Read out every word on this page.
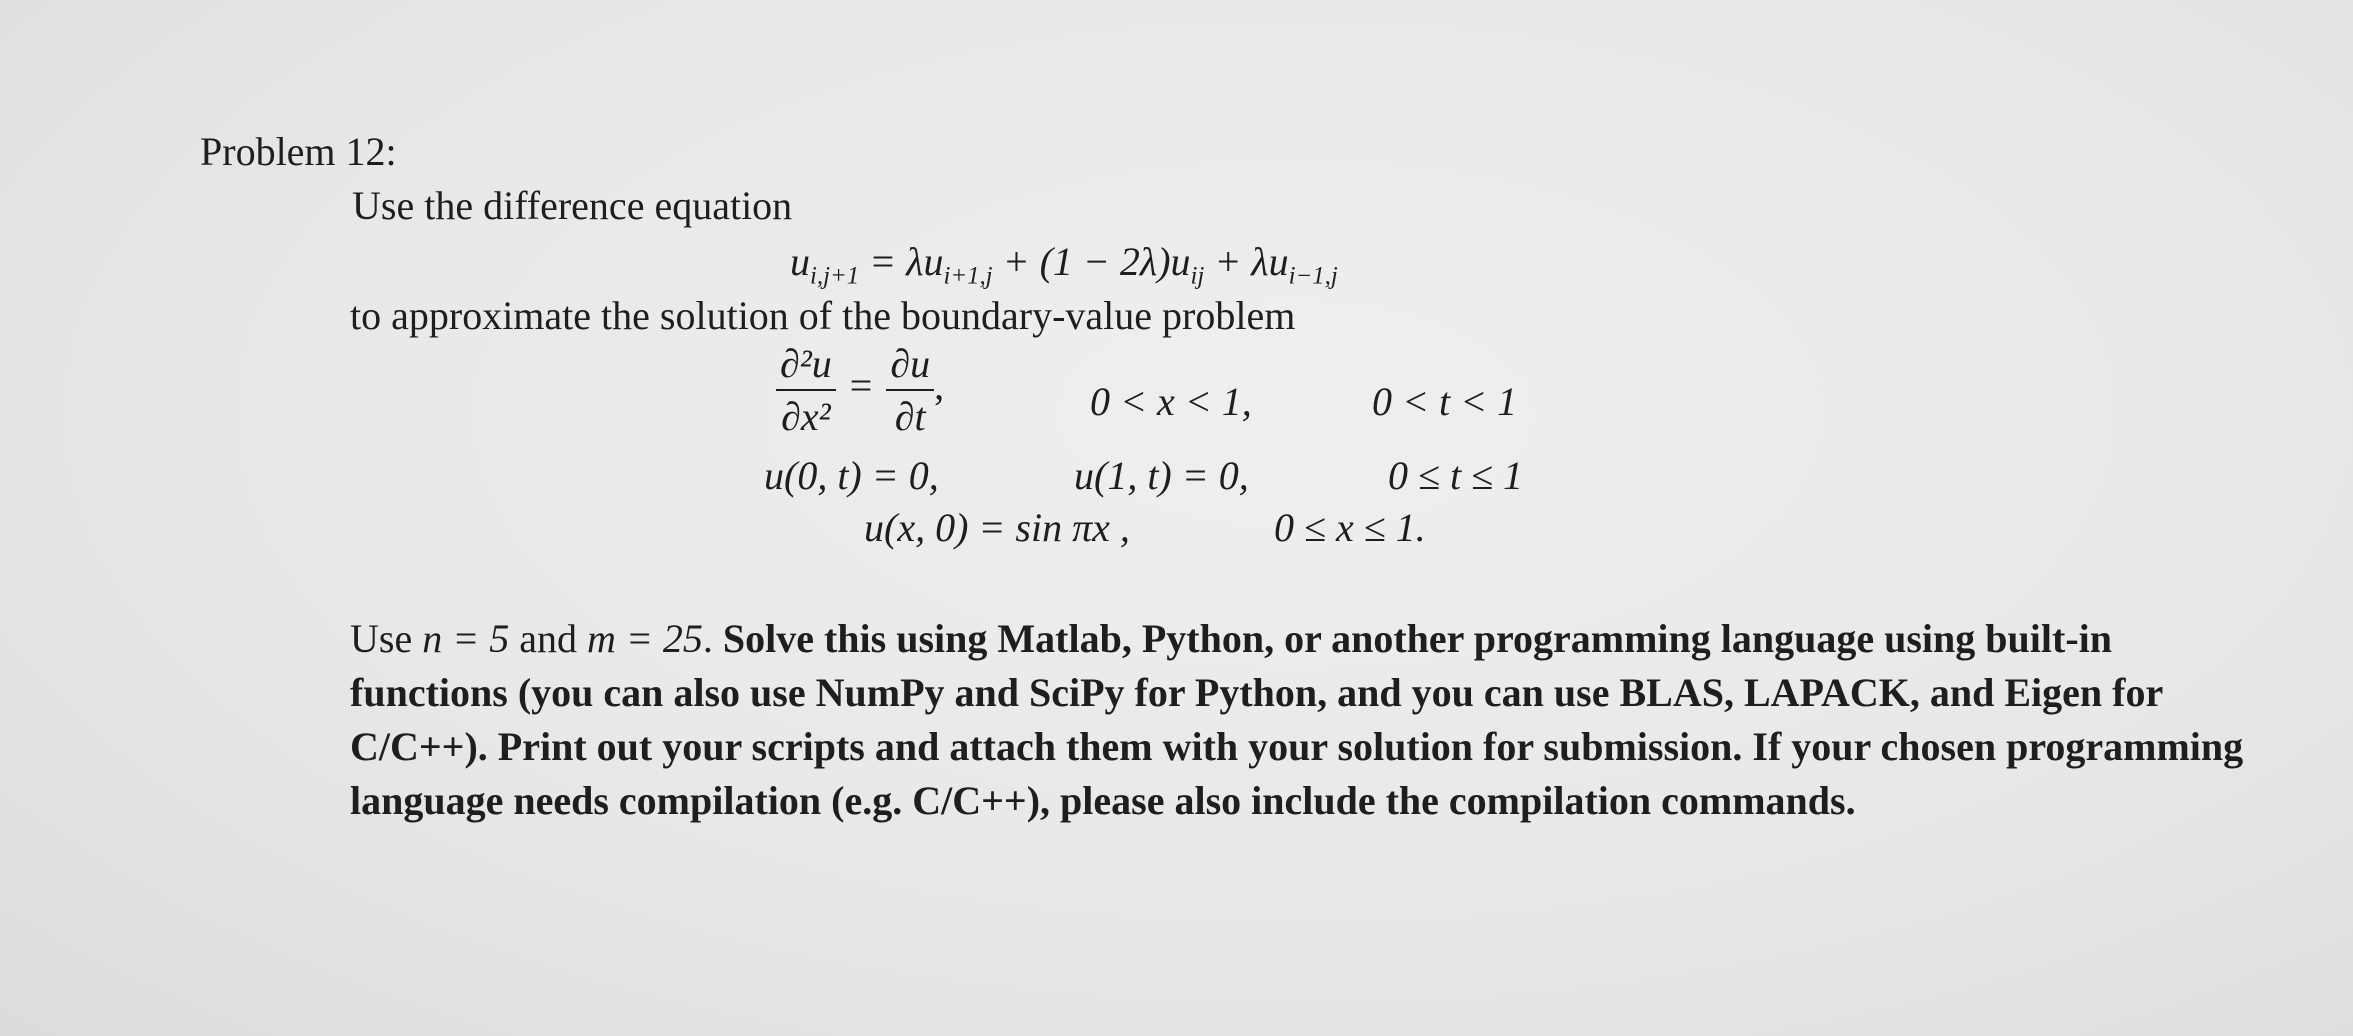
Problem 12:
Use the difference equation
$u_{i,j+1} = \lambda u_{i+1,j} + (1 - 2\lambda)u_{ij} + \lambda u_{i-1,j}$
to approximate the solution of the boundary-value problem
$\frac{\text{∂²u}}{\text{∂x²}} = \frac{\partial u}{\partial t}$ ,	0 < x < 1,	0 < t < 1
u(0, t) = 0,	u(1, t) = 0,	0 ≤ t ≤ 1
u(x, 0) = sin πx ,	0 ≤ x ≤ 1.
Use n = 5 and m = 25. Solve this using Matlab, Python, or another programming language using built-in functions (you can also use NumPy and SciPy for Python, and you can use BLAS, LAPACK, and Eigen for C/C++). Print out your scripts and attach them with your solution for submission. If your chosen programming language needs compilation (e.g. C/C++), please also include the compilation commands.
